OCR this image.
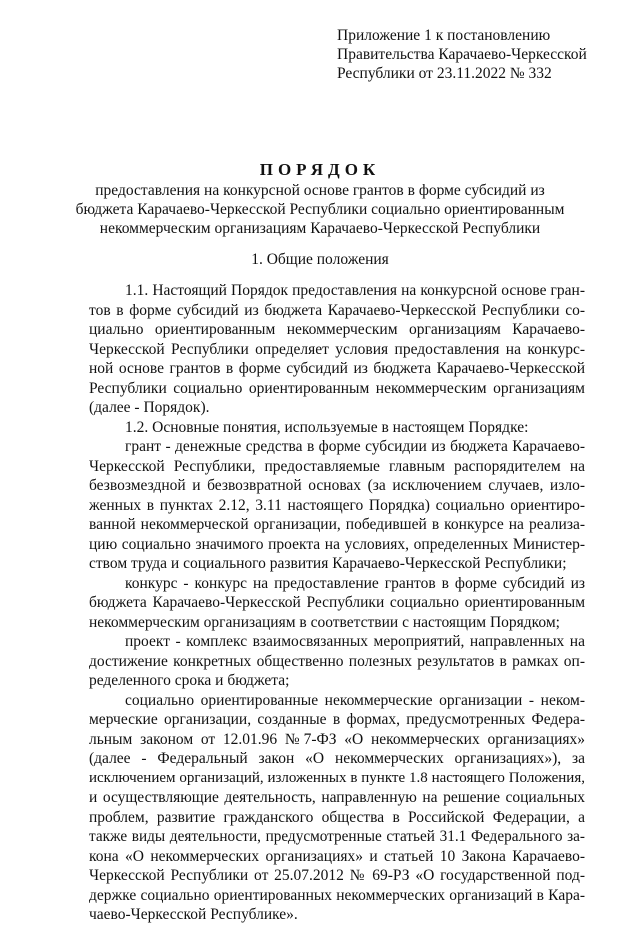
Приложение 1 к постановлению
Правительства Карачаево-Черкесской
Республики от 23.11.2022 № 332
ПОРЯДОК
предоставления на конкурсной основе грантов в форме субсидий из
бюджета Карачаево-Черкесской Республики социально ориентированным
некоммерческим организациям Карачаево-Черкесской Республики
1. Общие положения
1.1. Настоящий Порядок предоставления на конкурсной основе гран-
тов в форме субсидий из бюджета Карачаево-Черкесской Республики со-
циально ориентированным некоммерческим организациям Карачаево-
Черкесской Республики определяет условия предоставления на конкурс-
ной основе грантов в форме субсидий из бюджета Карачаево-Черкесской
Республики социально ориентированным некоммерческим организациям
(далее - Порядок).
1.2. Основные понятия, используемые в настоящем Порядке:
грант - денежные средства в форме субсидии из бюджета Карачаево-
Черкесской Республики, предоставляемые главным распорядителем на
безвозмездной и безвозвратной основах (за исключением случаев, изло-
женных в пунктах 2.12, 3.11 настоящего Порядка) социально ориентиро-
ванной некоммерческой организации, победившей в конкурсе на реализа-
цию социально значимого проекта на условиях, определенных Министер-
ством труда и социального развития Карачаево-Черкесской Республики;
конкурс - конкурс на предоставление грантов в форме субсидий из
бюджета Карачаево-Черкесской Республики социально ориентированным
некоммерческим организациям в соответствии с настоящим Порядком;
проект - комплекс взаимосвязанных мероприятий, направленных на
достижение конкретных общественно полезных результатов в рамках оп-
ределенного срока и бюджета;
социально ориентированные некоммерческие организации - неком-
мерческие организации, созданные в формах, предусмотренных Федера-
льным законом от 12.01.96 №7-ФЗ «О некоммерческих организациях»
(далее - Федеральный закон «О некоммерческих организациях»), за
исключением организаций, изложенных в пункте 1.8 настоящего Положения,
и осуществляющие деятельность, направленную на решение социальных
проблем, развитие гражданского общества в Российской Федерации, а
также виды деятельности, предусмотренные статьей 31.1 Федерального за-
кона «О некоммерческих организациях» и статьей 10 Закона Карачаево-
Черкесской Республики от 25.07.2012 № 69-РЗ «О государственной под-
держке социально ориентированных некоммерческих организаций в Кара-
чаево-Черкесской Республике».
